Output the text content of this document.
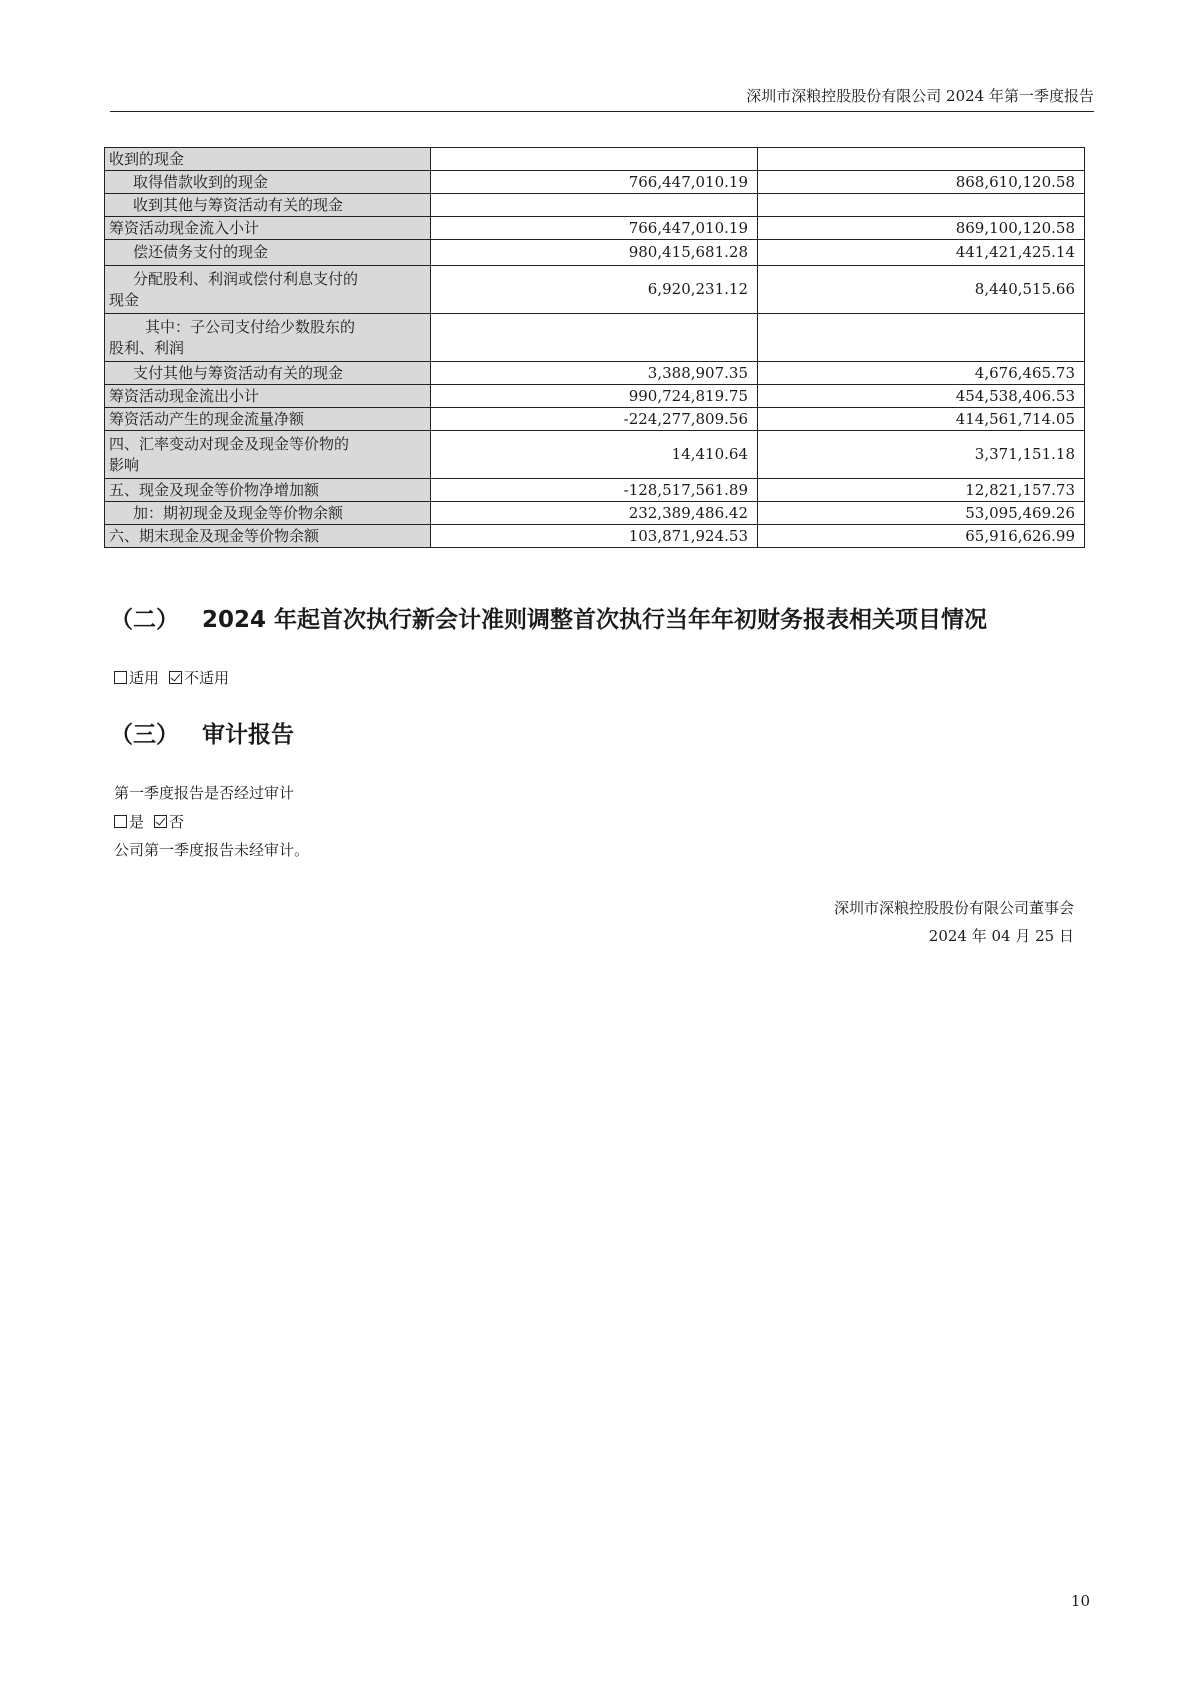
深圳市深粮控股股份有限公司 2024 年第一季度报告
收到的现金		
取得借款收到的现金	766,447,010.19	868,610,120.58
收到其他与筹资活动有关的现金		
筹资活动现金流入小计	766,447,010.19	869,100,120.58
偿还债务支付的现金	980,415,681.28	441,421,425.14
分配股利、利润或偿付利息支付的
现金	6,920,231.12	8,440,515.66
其中：子公司支付给少数股东的
股利、利润		
支付其他与筹资活动有关的现金	3,388,907.35	4,676,465.73
筹资活动现金流出小计	990,724,819.75	454,538,406.53
筹资活动产生的现金流量净额	-224,277,809.56	414,561,714.05
四、汇率变动对现金及现金等价物的
影响	14,410.64	3,371,151.18
五、现金及现金等价物净增加额	-128,517,561.89	12,821,157.73
加：期初现金及现金等价物余额	232,389,486.42	53,095,469.26
六、期末现金及现金等价物余额	103,871,924.53	65,916,626.99
（二） 2024 年起首次执行新会计准则调整首次执行当年年初财务报表相关项目情况
适用 不适用
（三） 审计报告
第一季度报告是否经过审计
是 否
公司第一季度报告未经审计。
深圳市深粮控股股份有限公司董事会
2024 年 04 月 25 日
10
